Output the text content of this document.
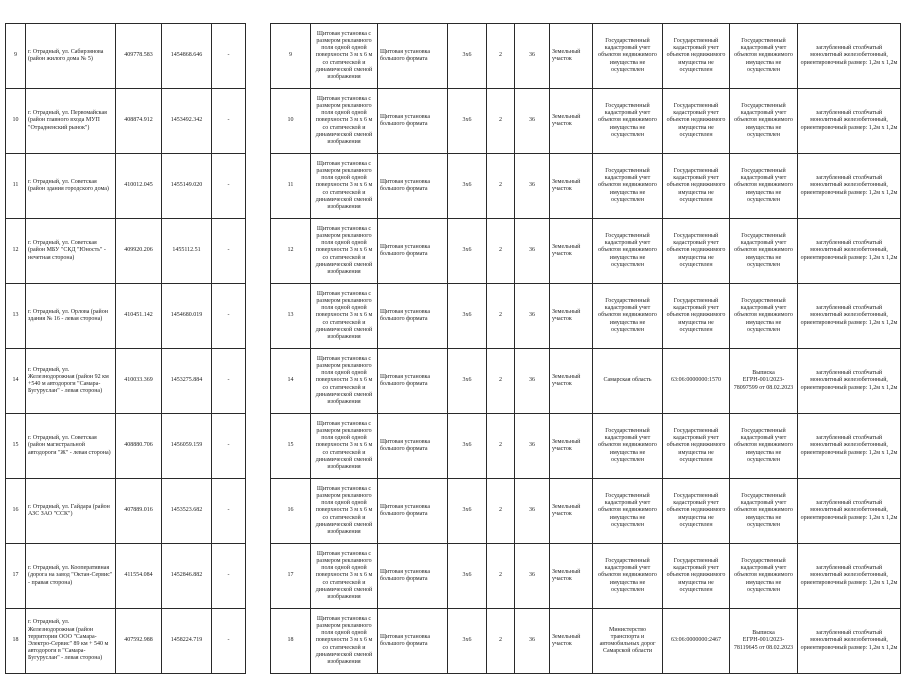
9	г. Отрадный, ул. Сабирзянова (район жилого дома № 5)	409778.583	1454868.646	-
10	г. Отрадный, ул. Первомайская (район главного входа МУП "Отрадненский рынок")	408874.912	1453492.342	-
11	г. Отрадный, ул. Советская (район здания городского дома)	410012.045	1455149.020	-
12	г. Отрадный, ул. Советская (район МБУ "СКД "Юность" - нечетная сторона)	409920.206	1455112.51	-
13	г. Отрадный, ул. Орлова (район здания № 16 - левая сторона)	410451.142	1454680.019	-
14	г. Отрадный, ул. Железнодорожная (район 92 км +540 м автодороги "Самара-Бугуруслан" - левая сторона)	410033.369	1453275.884	-
15	г. Отрадный, ул. Советская (район магистральной автодороги "Ж" - левая сторона)	408880.706	1456059.159	-
16	г. Отрадный, ул. Гайдара (район АЗС ЗАО "ССК")	407889.016	1453523.682	-
17	г. Отрадный, ул. Кооперативная (дорога на завод "Октан-Сервис" - правая сторона)	411554.084	1452846.882	-
18	г. Отрадный, ул. Железнодорожная (район территории ООО "Самара-Электро-Сервис" 89 км + 540 м автодороги в "Самара-Бугуруслан" - левая сторона)	407592.988	1458224.719	-
9	Щитовая установка с размером рекламного поля одной одной поверхности 3 м х 6 м со статической и динамической сменой изображения	Щитовая установка большого формата	3х6	2	36	Земельный участок	Государственный кадастровый учет объектов недвижимого имущества не осуществлен	Государственный кадастровый учет объектов недвижимого имущества не осуществлен	Государственный кадастровый учет объектов недвижимого имущества не осуществлен	заглубленный столбчатый монолитный железобетонный, ориентировочный размер: 1,2м х 1,2м
10	Щитовая установка с размером рекламного поля одной одной поверхности 3 м х 6 м со статической и динамической сменой изображения	Щитовая установка большого формата	3х6	2	36	Земельный участок	Государственный кадастровый учет объектов недвижимого имущества не осуществлен	Государственный кадастровый учет объектов недвижимого имущества не осуществлен	Государственный кадастровый учет объектов недвижимого имущества не осуществлен	заглубленный столбчатый монолитный железобетонный, ориентировочный размер: 1,2м х 1,2м
11	Щитовая установка с размером рекламного поля одной одной поверхности 3 м х 6 м со статической и динамической сменой изображения	Щитовая установка большого формата	3х6	2	36	Земельный участок	Государственный кадастровый учет объектов недвижимого имущества не осуществлен	Государственный кадастровый учет объектов недвижимого имущества не осуществлен	Государственный кадастровый учет объектов недвижимого имущества не осуществлен	заглубленный столбчатый монолитный железобетонный, ориентировочный размер: 1,2м х 1,2м
12	Щитовая установка с размером рекламного поля одной одной поверхности 3 м х 6 м со статической и динамической сменой изображения	Щитовая установка большого формата	3х6	2	36	Земельный участок	Государственный кадастровый учет объектов недвижимого имущества не осуществлен	Государственный кадастровый учет объектов недвижимого имущества не осуществлен	Государственный кадастровый учет объектов недвижимого имущества не осуществлен	заглубленный столбчатый монолитный железобетонный, ориентировочный размер: 1,2м х 1,2м
13	Щитовая установка с размером рекламного поля одной одной поверхности 3 м х 6 м со статической и динамической сменой изображения	Щитовая установка большого формата	3х6	2	36	Земельный участок	Государственный кадастровый учет объектов недвижимого имущества не осуществлен	Государственный кадастровый учет объектов недвижимого имущества не осуществлен	Государственный кадастровый учет объектов недвижимого имущества не осуществлен	заглубленный столбчатый монолитный железобетонный, ориентировочный размер: 1,2м х 1,2м
14	Щитовая установка с размером рекламного поля одной одной поверхности 3 м х 6 м со статической и динамической сменой изображения	Щитовая установка большого формата	3х6	2	36	Земельный участок	Самарская область	63:06:0000000:1570	Выписка ЕГРН-001/2023-78097599 от 08.02.2023	заглубленный столбчатый монолитный железобетонный, ориентировочный размер: 1,2м х 1,2м
15	Щитовая установка с размером рекламного поля одной одной поверхности 3 м х 6 м со статической и динамической сменой изображения	Щитовая установка большого формата	3х6	2	36	Земельный участок	Государственный кадастровый учет объектов недвижимого имущества не осуществлен	Государственный кадастровый учет объектов недвижимого имущества не осуществлен	Государственный кадастровый учет объектов недвижимого имущества не осуществлен	заглубленный столбчатый монолитный железобетонный, ориентировочный размер: 1,2м х 1,2м
16	Щитовая установка с размером рекламного поля одной одной поверхности 3 м х 6 м со статической и динамической сменой изображения	Щитовая установка большого формата	3х6	2	36	Земельный участок	Государственный кадастровый учет объектов недвижимого имущества не осуществлен	Государственный кадастровый учет объектов недвижимого имущества не осуществлен	Государственный кадастровый учет объектов недвижимого имущества не осуществлен	заглубленный столбчатый монолитный железобетонный, ориентировочный размер: 1,2м х 1,2м
17	Щитовая установка с размером рекламного поля одной одной поверхности 3 м х 6 м со статической и динамической сменой изображения	Щитовая установка большого формата	3х6	2	36	Земельный участок	Государственный кадастровый учет объектов недвижимого имущества не осуществлен	Государственный кадастровый учет объектов недвижимого имущества не осуществлен	Государственный кадастровый учет объектов недвижимого имущества не осуществлен	заглубленный столбчатый монолитный железобетонный, ориентировочный размер: 1,2м х 1,2м
18	Щитовая установка с размером рекламного поля одной одной поверхности 3 м х 6 м со статической и динамической сменой изображения	Щитовая установка большого формата	3х6	2	36	Земельный участок	Министерство транспорта и автомобильных дорог Самарской области	63:06:0000000:2467	Выписка ЕГРН-001/2023-78119645 от 08.02.2023	заглубленный столбчатый монолитный железобетонный, ориентировочный размер: 1,2м х 1,2м
